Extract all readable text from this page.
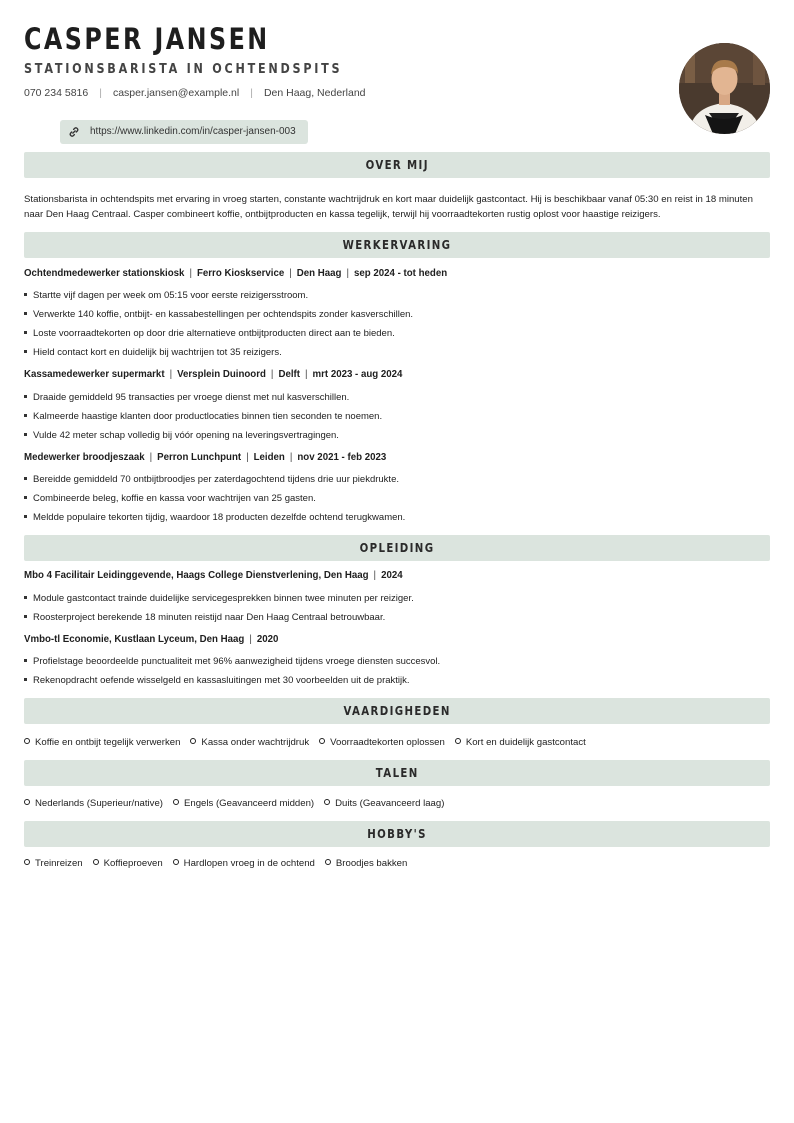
CASPER JANSEN
STATIONSBARISTA IN OCHTENDSPITS
070 234 5816 | casper.jansen@example.nl | Den Haag, Nederland
https://www.linkedin.com/in/casper-jansen-003
OVER MIJ
Stationsbarista in ochtendspits met ervaring in vroeg starten, constante wachtrijdruk en kort maar duidelijk gastcontact. Hij is beschikbaar vanaf 05:30 en reist in 18 minuten naar Den Haag Centraal. Casper combineert koffie, ontbijtproducten en kassa tegelijk, terwijl hij voorraadtekorten rustig oplost voor haastige reizigers.
WERKERVARING
Ochtendmedewerker stationskiosk | Ferro Kioskservice | Den Haag | sep 2024 - tot heden
Startte vijf dagen per week om 05:15 voor eerste reizigersstroom.
Verwerkte 140 koffie, ontbijt- en kassabestellingen per ochtendspits zonder kasverschillen.
Loste voorraadtekorten op door drie alternatieve ontbijtproducten direct aan te bieden.
Hield contact kort en duidelijk bij wachtrijen tot 35 reizigers.
Kassamedewerker supermarkt | Versplein Duinoord | Delft | mrt 2023 - aug 2024
Draaide gemiddeld 95 transacties per vroege dienst met nul kasverschillen.
Kalmeerde haastige klanten door productlocaties binnen tien seconden te noemen.
Vulde 42 meter schap volledig bij vóór opening na leveringsvertragingen.
Medewerker broodjeszaak | Perron Lunchpunt | Leiden | nov 2021 - feb 2023
Bereidde gemiddeld 70 ontbijtbroodjes per zaterdagochtend tijdens drie uur piekdrukte.
Combineerde beleg, koffie en kassa voor wachtrijen van 25 gasten.
Meldde populaire tekorten tijdig, waardoor 18 producten dezelfde ochtend terugkwamen.
OPLEIDING
Mbo 4 Facilitair Leidinggevende, Haags College Dienstverlening, Den Haag | 2024
Module gastcontact trainde duidelijke servicegesprekken binnen twee minuten per reiziger.
Roosterproject berekende 18 minuten reistijd naar Den Haag Centraal betrouwbaar.
Vmbo-tl Economie, Kustlaan Lyceum, Den Haag | 2020
Profielstage beoordeelde punctualiteit met 96% aanwezigheid tijdens vroege diensten succesvol.
Rekenopdracht oefende wisselgeld en kassasluitingen met 30 voorbeelden uit de praktijk.
VAARDIGHEDEN
Koffie en ontbijt tegelijk verwerken Kassa onder wachtrijdruk Voorraadtekorten oplossen Kort en duidelijk gastcontact
TALEN
Nederlands (Superieur/native) Engels (Geavanceerd midden) Duits (Geavanceerd laag)
HOBBY'S
Treinreizen Koffieproeven Hardlopen vroeg in de ochtend Broodjes bakken
